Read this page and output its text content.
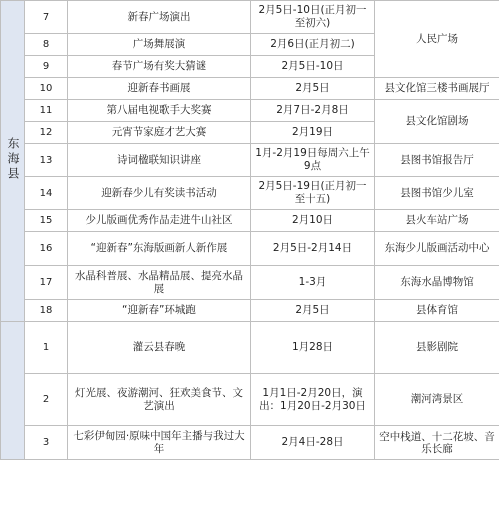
东海县	7	新春广场演出	2月5日-10日(正月初一至初六)	人民广场
	8	广场舞展演	2月6日(正月初二)	
	9	春节广场有奖大猜谜	2月5日-10日	
	10	迎新春书画展	2月5日	县文化馆三楼书画展厅
	11	第八届电视歌手大奖赛	2月7日-2月8日	县文化馆剧场
	12	元宵节家庭才艺大赛	2月19日	
	13	诗词楹联知识讲座	1月-2月19日每周六上午9点	县图书馆报告厅
	14	迎新春少儿有奖读书活动	2月5日-19日(正月初一至十五)	县图书馆少儿室
	15	少儿版画优秀作品走进牛山社区	2月10日	县火车站广场
	16	“迎新春”东海版画新人新作展	2月5日-2月14日	东海少儿版画活动中心
	17	水晶科普展、水晶精品展、提亮水晶展	1-3月	东海水晶博物馆
	18	“迎新春”环城跑	2月5日	县体育馆
	1	灌云县春晚	1月28日	县影剧院
	2	灯光展、夜游潮河、狂欢美食节、文艺演出	1月1日-2月20日，演出：1月20日-2月30日	潮河湾景区
	3	七彩伊甸园·原味中国年主播与我过大年	2月4日-28日	空中栈道、十二花坡、音乐长廊
